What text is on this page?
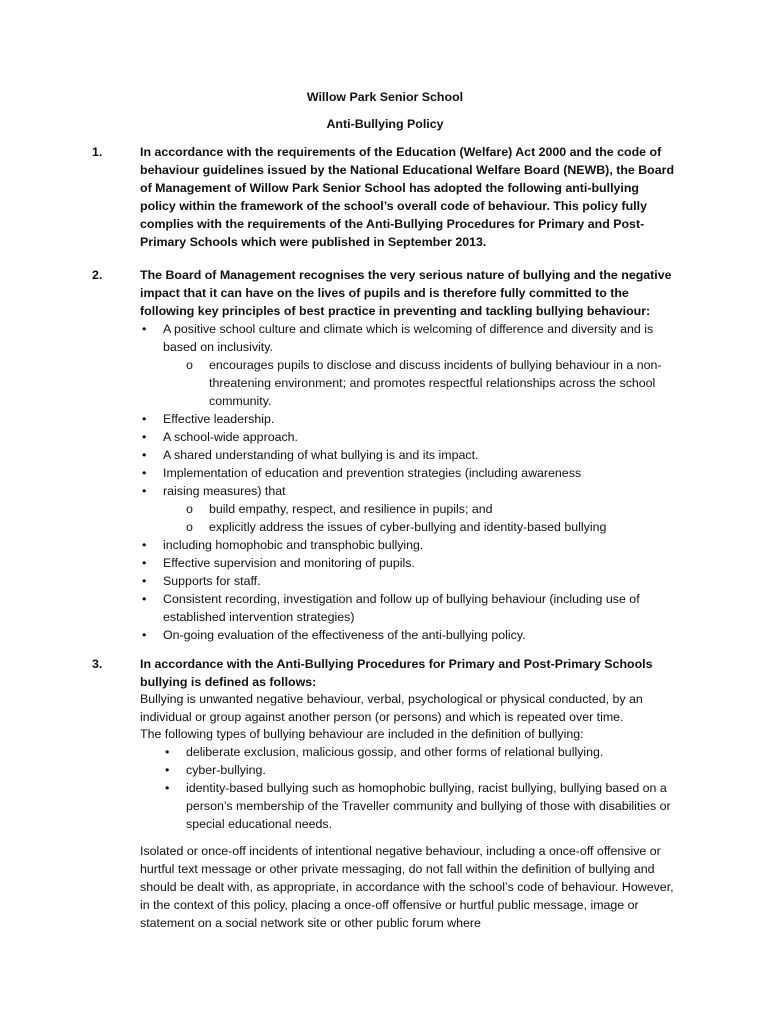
Willow Park Senior School
Anti-Bullying Policy
1.	In accordance with the requirements of the Education (Welfare) Act 2000 and the code of behaviour guidelines issued by the National Educational Welfare Board (NEWB), the Board of Management of Willow Park Senior School has adopted the following anti-bullying policy within the framework of the school’s overall code of behaviour. This policy fully complies with the requirements of the Anti-Bullying Procedures for Primary and Post-Primary Schools which were published in September 2013.
2.	The Board of Management recognises the very serious nature of bullying and the negative impact that it can have on the lives of pupils and is therefore fully committed to the following key principles of best practice in preventing and tackling bullying behaviour:
• A positive school culture and climate which is welcoming of difference and diversity and is based on inclusivity.
o encourages pupils to disclose and discuss incidents of bullying behaviour in a non-threatening environment; and promotes respectful relationships across the school community.
• Effective leadership.
• A school-wide approach.
• A shared understanding of what bullying is and its impact.
• Implementation of education and prevention strategies (including awareness
• raising measures) that
o build empathy, respect, and resilience in pupils; and
o explicitly address the issues of cyber-bullying and identity-based bullying
• including homophobic and transphobic bullying.
• Effective supervision and monitoring of pupils.
• Supports for staff.
• Consistent recording, investigation and follow up of bullying behaviour (including use of established intervention strategies)
• On-going evaluation of the effectiveness of the anti-bullying policy.
3.	In accordance with the Anti-Bullying Procedures for Primary and Post-Primary Schools bullying is defined as follows:
Bullying is unwanted negative behaviour, verbal, psychological or physical conducted, by an individual or group against another person (or persons) and which is repeated over time.
The following types of bullying behaviour are included in the definition of bullying:
• deliberate exclusion, malicious gossip, and other forms of relational bullying.
• cyber-bullying.
• identity-based bullying such as homophobic bullying, racist bullying, bullying based on a person’s membership of the Traveller community and bullying of those with disabilities or special educational needs.
Isolated or once-off incidents of intentional negative behaviour, including a once-off offensive or hurtful text message or other private messaging, do not fall within the definition of bullying and should be dealt with, as appropriate, in accordance with the school’s code of behaviour. However, in the context of this policy, placing a once-off offensive or hurtful public message, image or statement on a social network site or other public forum where
